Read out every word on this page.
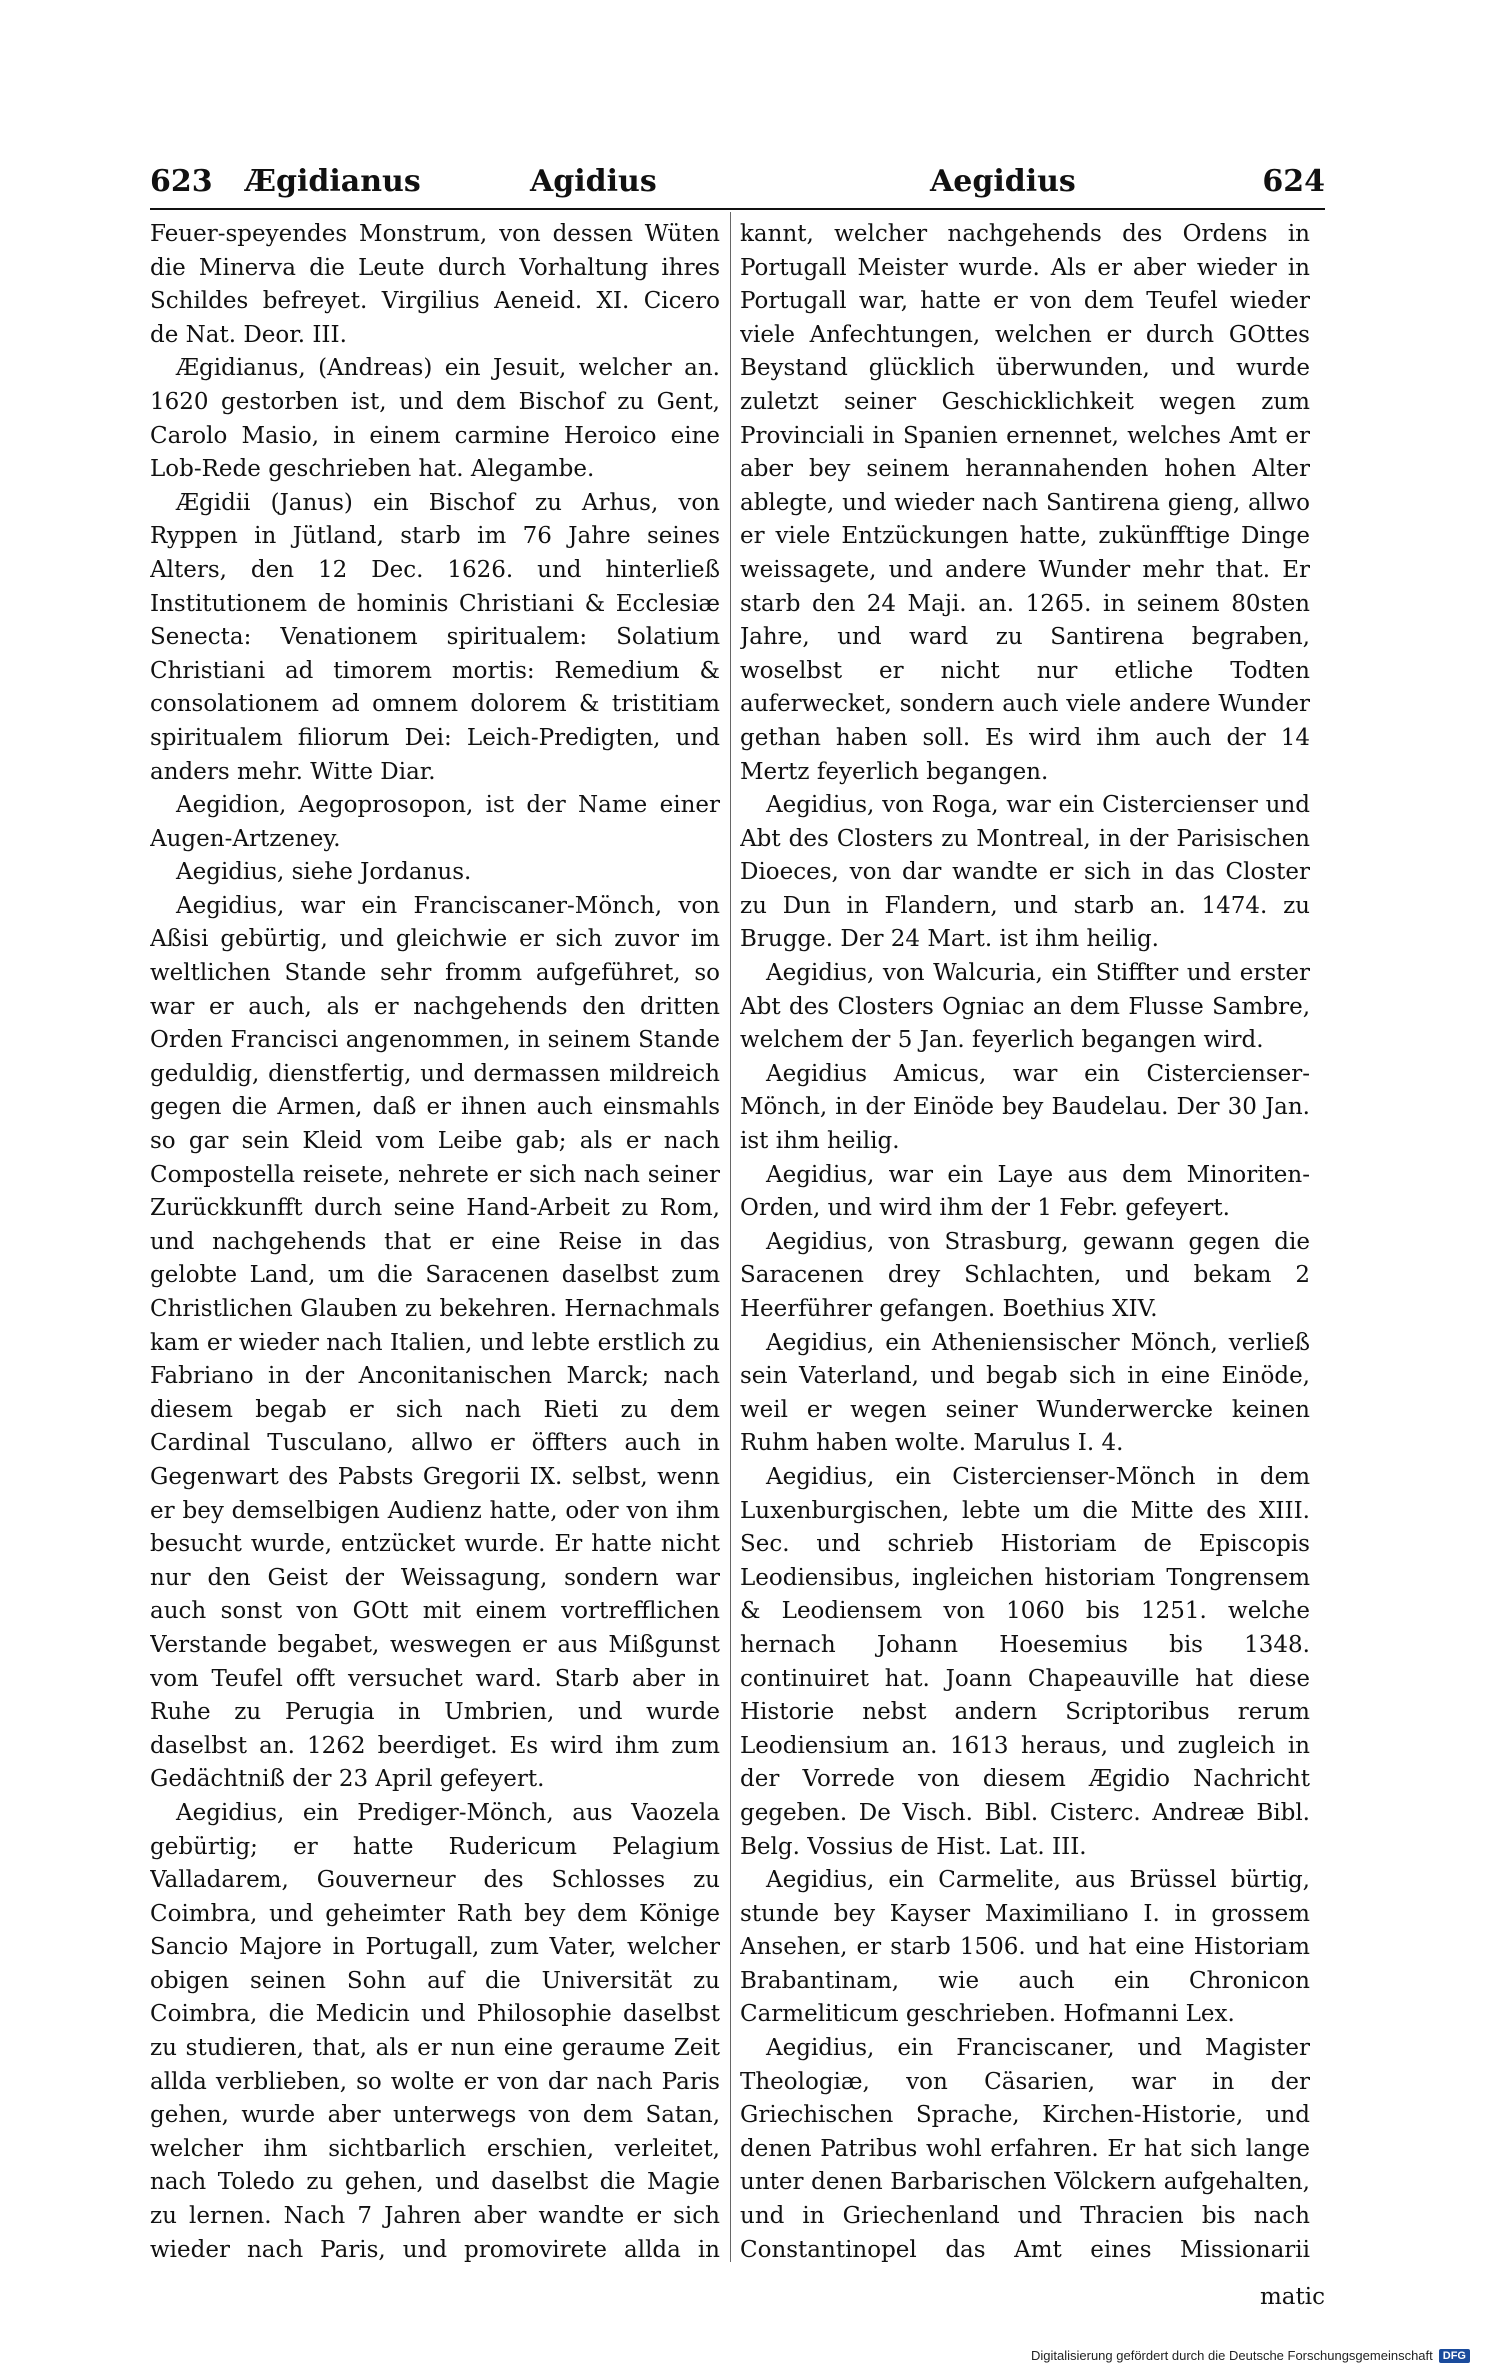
623 Ægidianus	Agidius	Aegidius	624

Feuer-speyendes Monstrum, von dessen Wüten die Minerva die Leute durch Vorhaltung ihres Schildes befreyet. Virgilius Aeneid. XI. Cicero de Nat. Deor. III.

Ægidianus, (Andreas) ein Jesuit, welcher an. 1620 gestorben ist, und dem Bischof zu Gent, Carolo Masio, in einem carmine Heroico eine Lob-Rede geschrieben hat. Alegambe.

Ægidii (Janus) ein Bischof zu Arhus, von Ryppen in Jütland, starb im 76 Jahre seines Alters, den 12 Dec. 1626. und hinterließ Institutionem de hominis Christiani & Ecclesiæ Senecta: Venationem spiritualem: Solatium Christiani ad timorem mortis: Remedium & consolationem ad omnem dolorem & tristitiam spiritualem filiorum Dei: Leich-Predigten, und anders mehr. Witte Diar.

Aegidion, Aegoprosopon, ist der Name einer Augen-Artzeney.

Aegidius, siehe Jordanus.

Aegidius, war ein Franciscaner-Mönch, von Aßisi gebürtig, und gleichwie er sich zuvor im weltlichen Stande sehr fromm aufgeführet, so war er auch, als er nachgehends den dritten Orden Francisci angenommen, in seinem Stande geduldig, dienstfertig, und dermassen mildreich gegen die Armen, daß er ihnen auch einsmahls so gar sein Kleid vom Leibe gab; als er nach Compostella reisete, nehrete er sich nach seiner Zurückkunfft durch seine Hand-Arbeit zu Rom, und nachgehends that er eine Reise in das gelobte Land, um die Saracenen daselbst zum Christlichen Glauben zu bekehren. Hernachmals kam er wieder nach Italien, und lebte erstlich zu Fabriano in der Anconitanischen Marck; nach diesem begab er sich nach Rieti zu dem Cardinal Tusculano, allwo er öffters auch in Gegenwart des Pabsts Gregorii IX. selbst, wenn er bey demselbigen Audienz hatte, oder von ihm besucht wurde, entzücket wurde. Er hatte nicht nur den Geist der Weissagung, sondern war auch sonst von GOtt mit einem vortrefflichen Verstande begabet, weswegen er aus Mißgunst vom Teufel offt versuchet ward. Starb aber in Ruhe zu Perugia in Umbrien, und wurde daselbst an. 1262 beerdiget. Es wird ihm zum Gedächtniß der 23 April gefeyert.

Aegidius, ein Prediger-Mönch, aus Vaozela gebürtig; er hatte Rudericum Pelagium Valladarem, Gouverneur des Schlosses zu Coimbra, und geheimter Rath bey dem Könige Sancio Majore in Portugall, zum Vater, welcher obigen seinen Sohn auf die Universität zu Coimbra, die Medicin und Philosophie daselbst zu studieren, that, als er nun eine geraume Zeit allda verblieben, so wolte er von dar nach Paris gehen, wurde aber unterwegs von dem Satan, welcher ihm sichtbarlich erschien, verleitet, nach Toledo zu gehen, und daselbst die Magie zu lernen. Nach 7 Jahren aber wandte er sich wieder nach Paris, und promovirete allda in

kannt, welcher nachgehends des Ordens in Portugall Meister wurde. Als er aber wieder in Portugall war, hatte er von dem Teufel wieder viele Anfechtungen, welchen er durch GOttes Beystand glücklich überwunden, und wurde zuletzt seiner Geschicklichkeit wegen zum Provinciali in Spanien ernennet, welches Amt er aber bey seinem herannahenden hohen Alter ablegte, und wieder nach Santirena gieng, allwo er viele Entzückungen hatte, zukünfftige Dinge weissagete, und andere Wunder mehr that. Er starb den 24 Maji. an. 1265. in seinem 80sten Jahre, und ward zu Santirena begraben, woselbst er nicht nur etliche Todten auferwecket, sondern auch viele andere Wunder gethan haben soll. Es wird ihm auch der 14 Mertz feyerlich begangen.

Aegidius, von Roga, war ein Cistercienser und Abt des Closters zu Montreal, in der Parisischen Dioeces, von dar wandte er sich in das Closter zu Dun in Flandern, und starb an. 1474. zu Brugge. Der 24 Mart. ist ihm heilig.

Aegidius, von Walcuria, ein Stiffter und erster Abt des Closters Ogniac an dem Flusse Sambre, welchem der 5 Jan. feyerlich begangen wird.

Aegidius Amicus, war ein Cistercienser-Mönch, in der Einöde bey Baudelau. Der 30 Jan. ist ihm heilig.

Aegidius, war ein Laye aus dem Minoriten-Orden, und wird ihm der 1 Febr. gefeyert.

Aegidius, von Strasburg, gewann gegen die Saracenen drey Schlachten, und bekam 2 Heerführer gefangen. Boethius XIV.

Aegidius, ein Atheniensischer Mönch, verließ sein Vaterland, und begab sich in eine Einöde, weil er wegen seiner Wunderwercke keinen Ruhm haben wolte. Marulus I. 4.

Aegidius, ein Cistercienser-Mönch in dem Luxenburgischen, lebte um die Mitte des XIII. Sec. und schrieb Historiam de Episcopis Leodiensibus, ingleichen historiam Tongrensem & Leodiensem von 1060 bis 1251. welche hernach Johann Hoesemius bis 1348. continuiret hat. Joann Chapeauville hat diese Historie nebst andern Scriptoribus rerum Leodiensium an. 1613 heraus, und zugleich in der Vorrede von diesem Ægidio Nachricht gegeben. De Visch. Bibl. Cisterc. Andreæ Bibl. Belg. Vossius de Hist. Lat. III.

Aegidius, ein Carmelite, aus Brüssel bürtig, stunde bey Kayser Maximiliano I. in grossem Ansehen, er starb 1506. und hat eine Historiam Brabantinam, wie auch ein Chronicon Carmeliticum geschrieben. Hofmanni Lex.

Aegidius, ein Franciscaner, und Magister Theologiæ, von Cäsarien, war in der Griechischen Sprache, Kirchen-Historie, und denen Patribus wohl erfahren. Er hat sich lange unter denen Barbarischen Völckern aufgehalten, und in Griechenland und Thracien bis nach Constantinopel das Amt eines Missionarii

matic
Digitalisierung gefördert durch die Deutsche Forschungsgemeinschaft DFG
